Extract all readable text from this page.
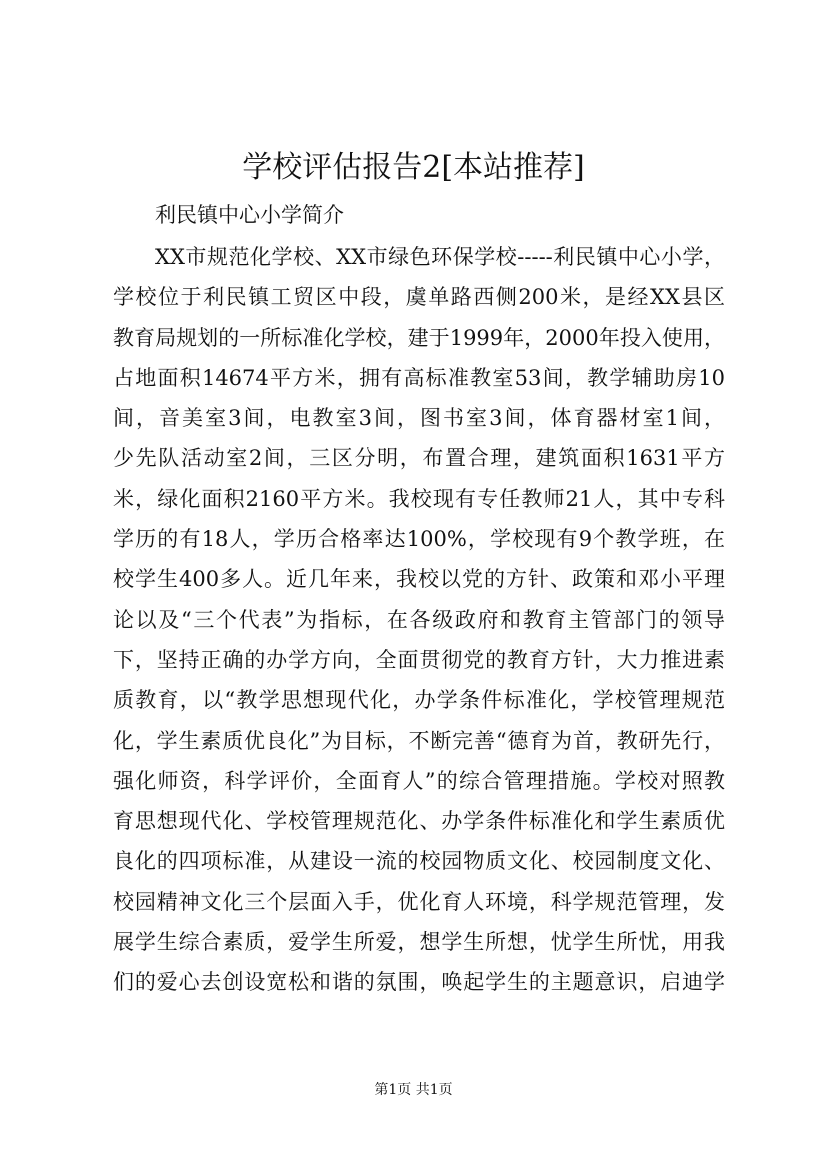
学校评估报告2[本站推荐]

利民镇中心小学简介

XX市规范化学校、XX市绿色环保学校-----利民镇中心小学，
学校位于利民镇工贸区中段，虞单路西侧200米，是经XX县区
教育局规划的一所标准化学校，建于1999年，2000年投入使用，
占地面积14674平方米，拥有高标准教室53间，教学辅助房10
间，音美室3间，电教室3间，图书室3间，体育器材室1间，
少先队活动室2间，三区分明，布置合理，建筑面积1631平方
米，绿化面积2160平方米。我校现有专任教师21人，其中专科
学历的有18人，学历合格率达100%，学校现有9个教学班，在
校学生400多人。近几年来，我校以党的方针、政策和邓小平理
论以及“三个代表”为指标，在各级政府和教育主管部门的领导
下，坚持正确的办学方向，全面贯彻党的教育方针，大力推进素
质教育，以“教学思想现代化，办学条件标准化，学校管理规范
化，学生素质优良化”为目标，不断完善“德育为首，教研先行，
强化师资，科学评价，全面育人”的综合管理措施。学校对照教
育思想现代化、学校管理规范化、办学条件标准化和学生素质优
良化的四项标准，从建设一流的校园物质文化、校园制度文化、
校园精神文化三个层面入手，优化育人环境，科学规范管理，发
展学生综合素质，爱学生所爱，想学生所想，忧学生所忧，用我
们的爱心去创设宽松和谐的氛围，唤起学生的主题意识，启迪学
第1页 共1页
